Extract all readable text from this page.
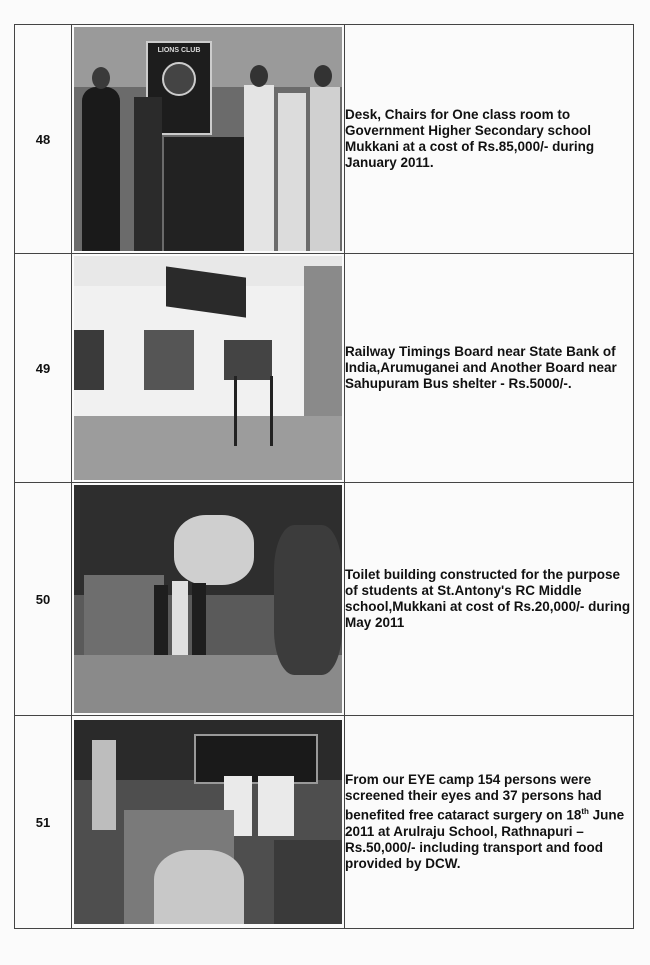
48	LIONS CLUB	Desk, Chairs for One class room to Government Higher Secondary school Mukkani at a cost of Rs.85,000/- during January 2011.
49		Railway Timings Board near State Bank of India,Arumuganei and Another Board near Sahupuram Bus shelter - Rs.5000/-.
50		Toilet building constructed for the purpose of students at St.Antony's RC Middle school,Mukkani at cost of Rs.20,000/- during May 2011
51		From our EYE camp 154 persons were screened their eyes and 37 persons had benefited free cataract surgery on 18th June 2011 at Arulraju School, Rathnapuri – Rs.50,000/- including transport and food provided by DCW.
